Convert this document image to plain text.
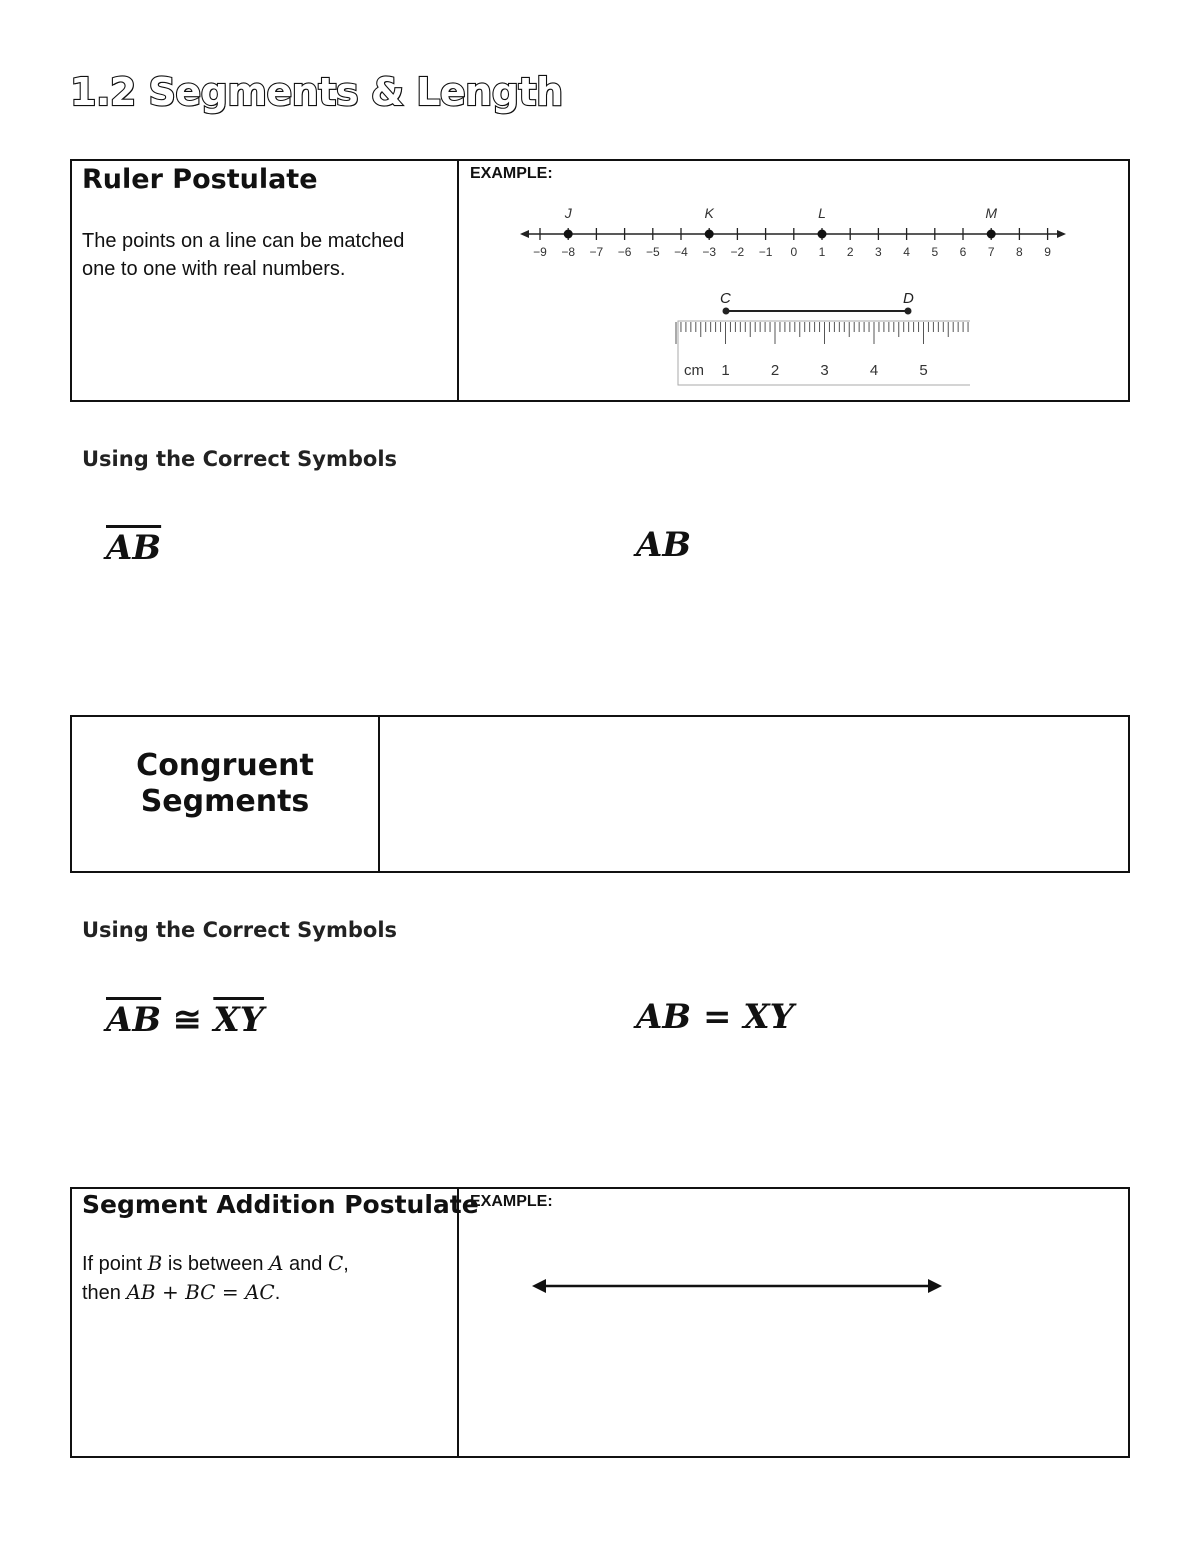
1.2 Segments & Length
Ruler Postulate
The points on a line can be matched
one to one with real numbers.
EXAMPLE:
−9 −8 −7 −6 −5 −4 −3 −2 −1 0 1 2 3 4 5 6 7 8 9
J	K	L	M
C	D
cm 1	2	3	4	5
Using the Correct Symbols
$\overline{AB}$	AB
Congruent
Segments
Using the Correct Symbols
$\overline{AB}$ ≅ $\overline{XY}$	AB = XY
Segment Addition Postulate
If point B is between A and C,
then AB + BC = AC.
EXAMPLE:
